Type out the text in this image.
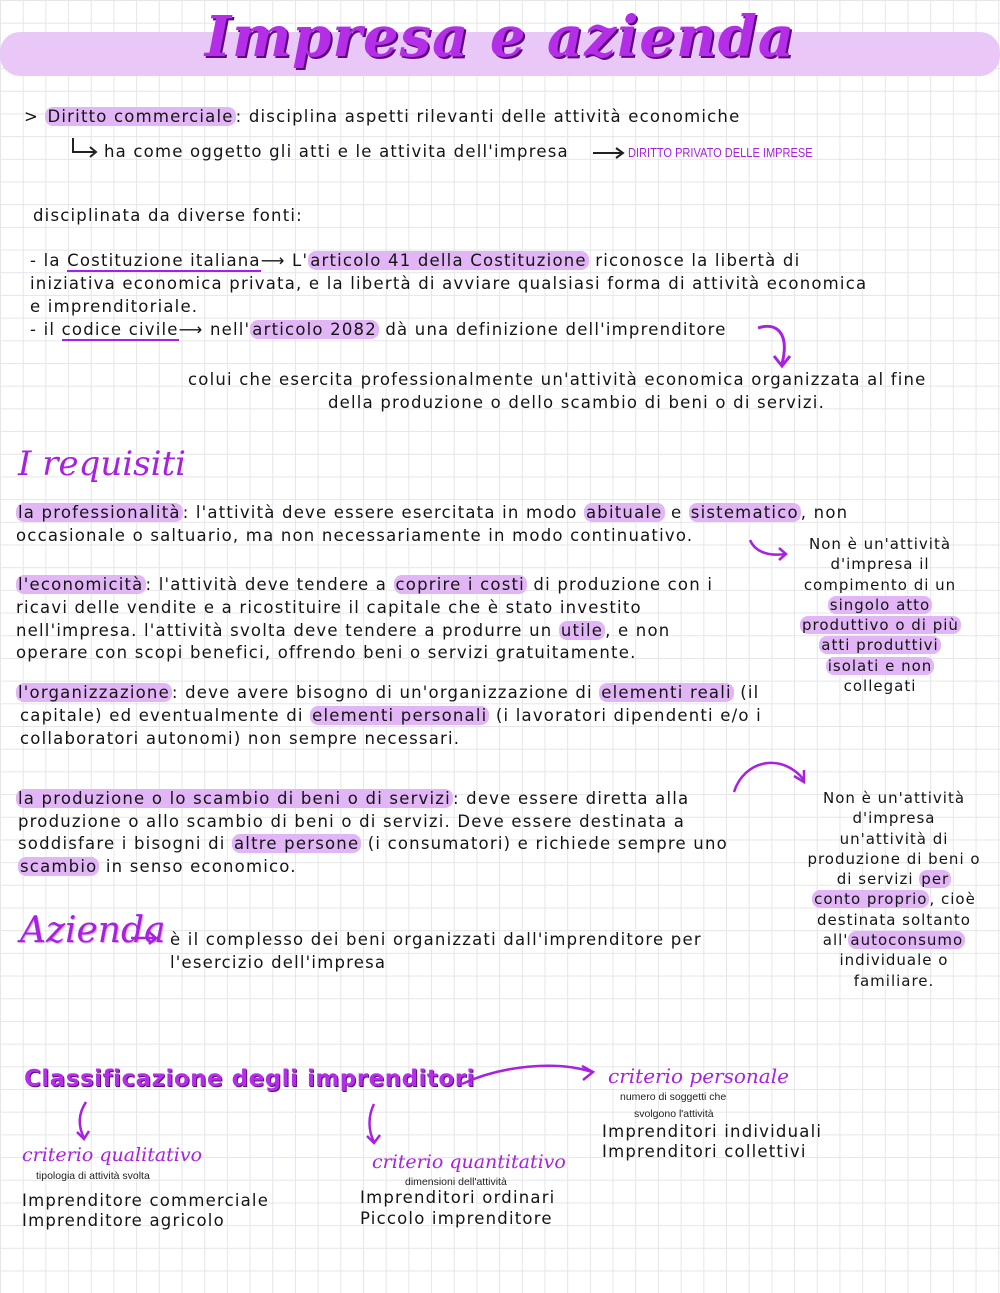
Impresa e azienda
> Diritto commerciale : disciplina aspetti rilevanti delle attività economiche
ha come oggetto gli atti e le attivita dell'impresa	DIRITTO PRIVATO DELLE IMPRESE
disciplinata da diverse fonti:
- la Costituzione italiana⟶ L' articolo 41 della Costituzione riconosce la libertà di
iniziativa economica privata, e la libertà di avviare qualsiasi forma di attività economica
e imprenditoriale.
- il codice civile⟶ nell' articolo 2082 dà una definizione dell'imprenditore
colui che esercita professionalmente un'attività economica organizzata al fine
della produzione o dello scambio di beni o di servizi.
I requisiti
la professionalità : l'attività deve essere esercitata in modo abituale e sistematico , non
occasionale o saltuario, ma non necessariamente in modo continuativo.
l'economicità : l'attività deve tendere a coprire i costi di produzione con i
ricavi delle vendite e a ricostituire il capitale che è stato investito
nell'impresa. l'attività svolta deve tendere a produrre un utile , e non
operare con scopi benefici, offrendo beni o servizi gratuitamente.
l'organizzazione : deve avere bisogno di un'organizzazione di elementi reali (il
capitale) ed eventualmente di elementi personali (i lavoratori dipendenti e/o i
collaboratori autonomi) non sempre necessari.
la produzione o lo scambio di beni o di servizi : deve essere diretta alla
produzione o allo scambio di beni o di servizi. Deve essere destinata a
soddisfare i bisogni di altre persone (i consumatori) e richiede sempre uno
scambio in senso economico.
Non è un'attività
d'impresa il
compimento di un
singolo atto
produttivo o di più
atti produttivi
isolati e non
collegati
Non è un'attività
d'impresa
un'attività di
produzione di beni o
di servizi per
conto proprio , cioè
destinata soltanto
all' autoconsumo
individuale o
familiare.
Azienda è il complesso dei beni organizzati dall'imprenditore per
l'esercizio dell'impresa
Classificazione degli imprenditori	criterio personale
numero di soggetti che
svolgono l'attività
Imprenditori individuali
Imprenditori collettivi
criterio qualitativo
tipologia di attività svolta
Imprenditore commerciale
Imprenditore agricolo
criterio quantitativo
dimensioni dell'attività
Imprenditori ordinari
Piccolo imprenditore
